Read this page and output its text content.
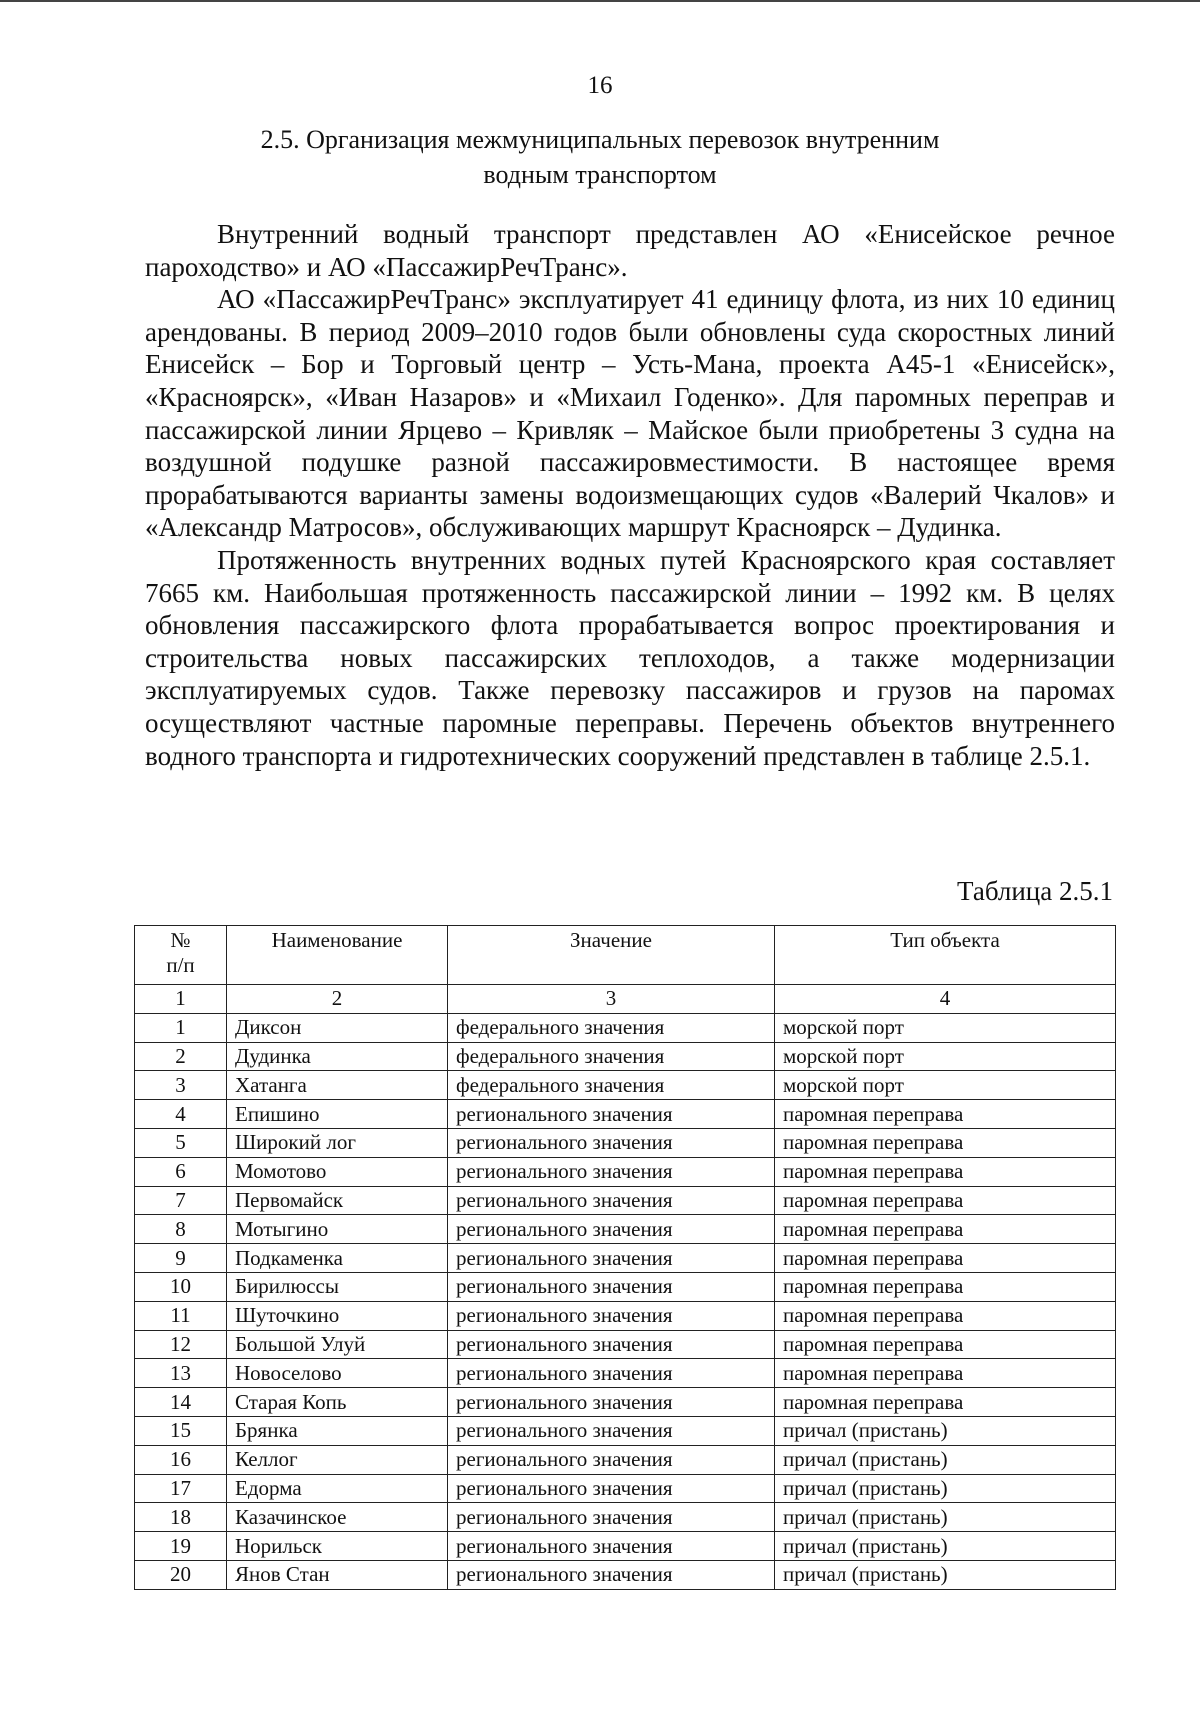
16
2.5. Организация межмуниципальных перевозок внутренним
водным транспортом

Внутренний водный транспорт представлен АО «Енисейское речное пароходство» и АО «ПассажирРечТранс».

АО «ПассажирРечТранс» эксплуатирует 41 единицу флота, из них 10 единиц арендованы. В период 2009–2010 годов были обновлены суда скоростных линий Енисейск – Бор и Торговый центр – Усть-Мана, проекта А45-1 «Енисейск», «Красноярск», «Иван Назаров» и «Михаил Годенко». Для паромных переправ и пассажирской линии Ярцево – Кривляк – Майское были приобретены 3 судна на воздушной подушке разной пассажировместимости. В настоящее время прорабатываются варианты замены водоизмещающих судов «Валерий Чкалов» и «Александр Матросов», обслуживающих маршрут Красноярск – Дудинка.

Протяженность внутренних водных путей Красноярского края составляет 7665 км. Наибольшая протяженность пассажирской линии – 1992 км. В целях обновления пассажирского флота прорабатывается вопрос проектирования и строительства новых пассажирских теплоходов, а также модернизации эксплуатируемых судов. Также перевозку пассажиров и грузов на паромах осуществляют частные паромные переправы. Перечень объектов внутреннего водного транспорта и гидротехнических сооружений представлен в таблице 2.5.1.

Таблица 2.5.1
№ п/п	Наименование	Значение	Тип объекта
1	2	3	4
1	Диксон	федерального значения	морской порт
2	Дудинка	федерального значения	морской порт
3	Хатанга	федерального значения	морской порт
4	Епишино	регионального значения	паромная переправа
5	Широкий лог	регионального значения	паромная переправа
6	Момотово	регионального значения	паромная переправа
7	Первомайск	регионального значения	паромная переправа
8	Мотыгино	регионального значения	паромная переправа
9	Подкаменка	регионального значения	паромная переправа
10	Бирилюссы	регионального значения	паромная переправа
11	Шуточкино	регионального значения	паромная переправа
12	Большой Улуй	регионального значения	паромная переправа
13	Новоселово	регионального значения	паромная переправа
14	Старая Копь	регионального значения	паромная переправа
15	Брянка	регионального значения	причал (пристань)
16	Келлог	регионального значения	причал (пристань)
17	Едорма	регионального значения	причал (пристань)
18	Казачинское	регионального значения	причал (пристань)
19	Норильск	регионального значения	причал (пристань)
20	Янов Стан	регионального значения	причал (пристань)
